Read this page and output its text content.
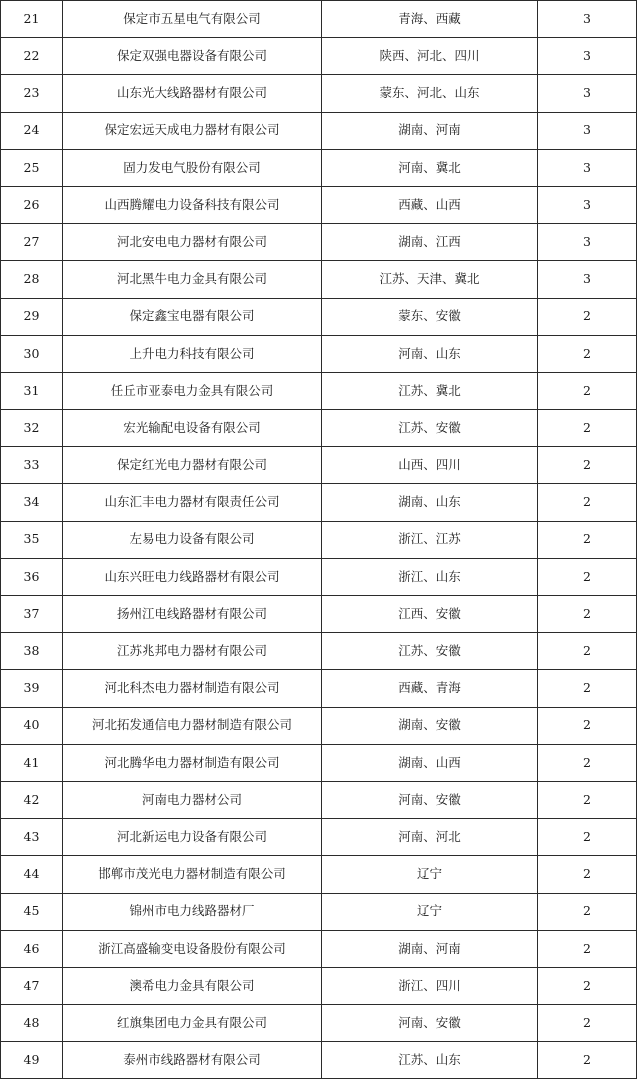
21	保定市五星电气有限公司	青海、西藏	3
22	保定双强电器设备有限公司	陕西、河北、四川	3
23	山东光大线路器材有限公司	蒙东、河北、山东	3
24	保定宏远天成电力器材有限公司	湖南、河南	3
25	固力发电气股份有限公司	河南、冀北	3
26	山西腾耀电力设备科技有限公司	西藏、山西	3
27	河北安电电力器材有限公司	湖南、江西	3
28	河北黑牛电力金具有限公司	江苏、天津、冀北	3
29	保定鑫宝电器有限公司	蒙东、安徽	2
30	上升电力科技有限公司	河南、山东	2
31	任丘市亚泰电力金具有限公司	江苏、冀北	2
32	宏光输配电设备有限公司	江苏、安徽	2
33	保定红光电力器材有限公司	山西、四川	2
34	山东汇丰电力器材有限责任公司	湖南、山东	2
35	左易电力设备有限公司	浙江、江苏	2
36	山东兴旺电力线路器材有限公司	浙江、山东	2
37	扬州江电线路器材有限公司	江西、安徽	2
38	江苏兆邦电力器材有限公司	江苏、安徽	2
39	河北科杰电力器材制造有限公司	西藏、青海	2
40	河北拓发通信电力器材制造有限公司	湖南、安徽	2
41	河北腾华电力器材制造有限公司	湖南、山西	2
42	河南电力器材公司	河南、安徽	2
43	河北新运电力设备有限公司	河南、河北	2
44	邯郸市茂光电力器材制造有限公司	辽宁	2
45	锦州市电力线路器材厂	辽宁	2
46	浙江高盛输变电设备股份有限公司	湖南、河南	2
47	澳希电力金具有限公司	浙江、四川	2
48	红旗集团电力金具有限公司	河南、安徽	2
49	泰州市线路器材有限公司	江苏、山东	2
